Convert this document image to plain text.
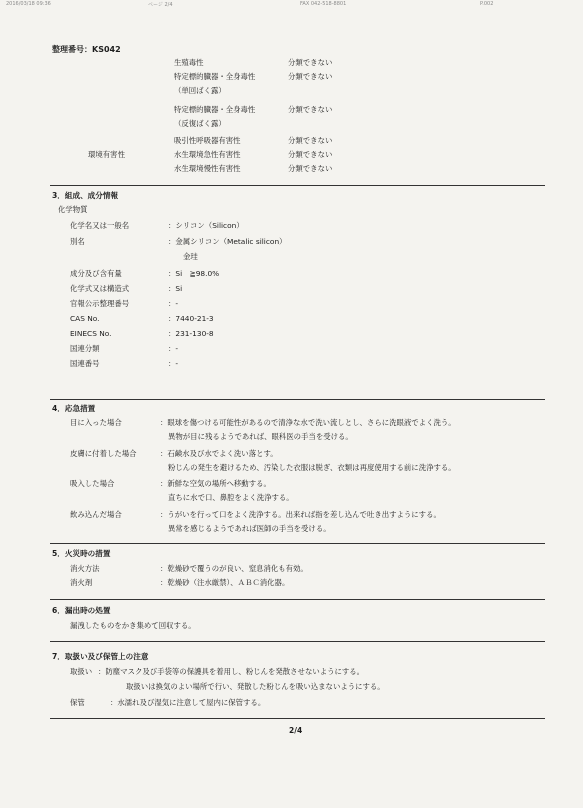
2016/03/18 09:36	ページ 2/4	FAX 042-518-8801	P.002
整理番号：KS042
生殖毒性	分類できない
特定標的臓器・全身毒性	分類できない
（単回ばく露）
特定標的臓器・全身毒性	分類できない
（反復ばく露）
吸引性呼吸器有害性	分類できない
環境有害性	水生環境急性有害性	分類できない
水生環境慢性有害性	分類できない
3．組成、成分情報
化学物質
化学名又は一般名	：シリコン（Silicon）
別名	：金属シリコン（Metalic silicon）
金珪
成分及び含有量	：Si　≧98.0%
化学式又は構造式	：Si
官報公示整理番号	：-
CAS No.	：7440-21-3
EINECS No.	：231-130-8
国連分類	：-
国連番号	：-
4．応急措置
目に入った場合	：眼球を傷つける可能性があるので清浄な水で洗い流しとし、さらに洗眼液でよく洗う。
異物が目に残るようであれば、眼科医の手当を受ける。
皮膚に付着した場合	：石鹸水及び水でよく洗い落とす。
粉じんの発生を避けるため、汚染した衣服は脱ぎ、衣類は再度使用する前に洗浄する。
吸入した場合	：新鮮な空気の場所へ移動する。
直ちに水で口、鼻腔をよく洗浄する。
飲み込んだ場合	：うがいを行って口をよく洗浄する。出来れば指を差し込んで吐き出すようにする。
異常を感じるようであれば医師の手当を受ける。
5．火災時の措置
消火方法	：乾燥砂で覆うのが良い、窒息消化も有効。
消火剤	：乾燥砂（注水厳禁）、ＡＢＣ消化器。
6．漏出時の処置
漏洩したものをかき集めて回収する。
7．取扱い及び保管上の注意
取扱い ：防塵マスク及び手袋等の保護具を着用し、粉じんを発散させないようにする。
取扱いは換気のよい場所で行い、発散した粉じんを吸い込まないようにする。
保管	：水濡れ及び湿気に注意して屋内に保管する。
2/4
